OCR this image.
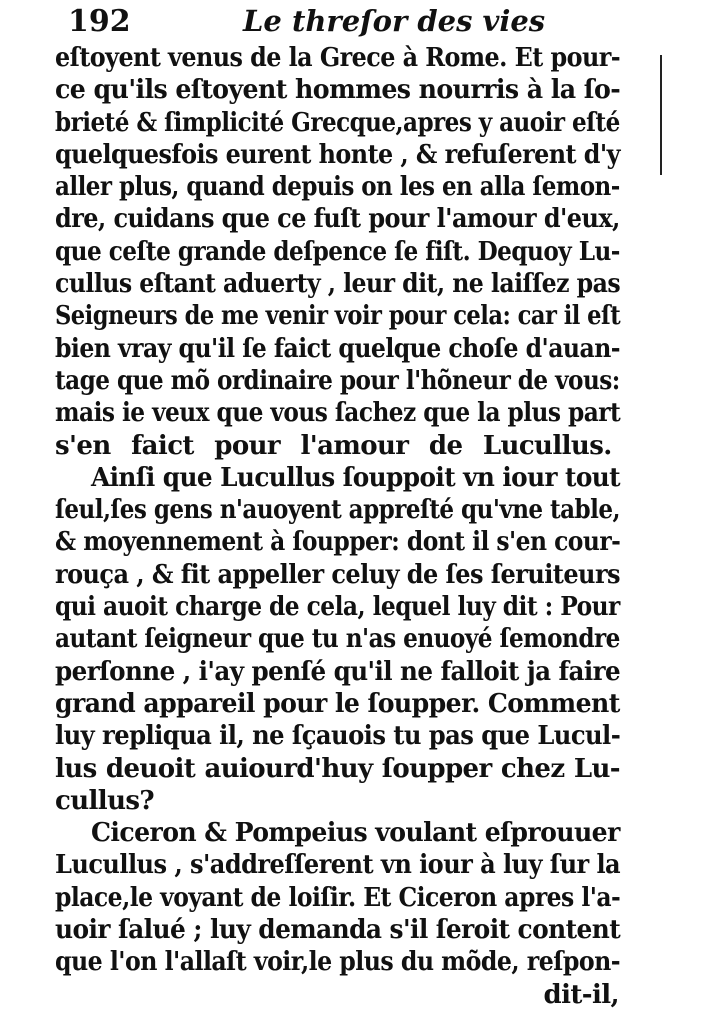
192	Le threſor des vies
eſtoyent venus de la Grece à Rome. Et pour-
ce qu'ils eſtoyent hommes nourris à la ſo-
brieté & ſimplicité Grecque,apres y auoir eſté
quelquesfois eurent honte , & refuſerent d'y
aller plus, quand depuis on les en alla ſemon-
dre, cuidans que ce fuſt pour l'amour d'eux,
que ceſte grande deſpence ſe fiſt. Dequoy Lu-
cullus eſtant aduerty , leur dit, ne laiſſez pas
Seigneurs de me venir voir pour cela: car il eſt
bien vray qu'il ſe faict quelque choſe d'auan-
tage que mõ ordinaire pour l'hõneur de vous:
mais ie veux que vous ſachez que la plus part
s'en faict pour l'amour de Lucullus.
Ainſi que Lucullus ſouppoit vn iour tout
ſeul,ſes gens n'auoyent appreſté qu'vne table,
& moyennement à ſoupper: dont il s'en cour-
rouça , & fit appeller celuy de ſes ſeruiteurs
qui auoit charge de cela, lequel luy dit : Pour
autant ſeigneur que tu n'as enuoyé ſemondre
perſonne , i'ay penſé qu'il ne falloit ja faire
grand appareil pour le ſoupper. Comment
luy repliqua il, ne ſçauois tu pas que Lucul-
lus deuoit auiourd'huy ſoupper chez Lu-
cullus?
Ciceron & Pompeius voulant eſprouuer
Lucullus , s'addreſſerent vn iour à luy ſur la
place,le voyant de loiſir. Et Ciceron apres l'a-
uoir ſalué ; luy demanda s'il ſeroit content
que l'on l'allaſt voir,le plus du mõde, reſpon-
dit-il,
